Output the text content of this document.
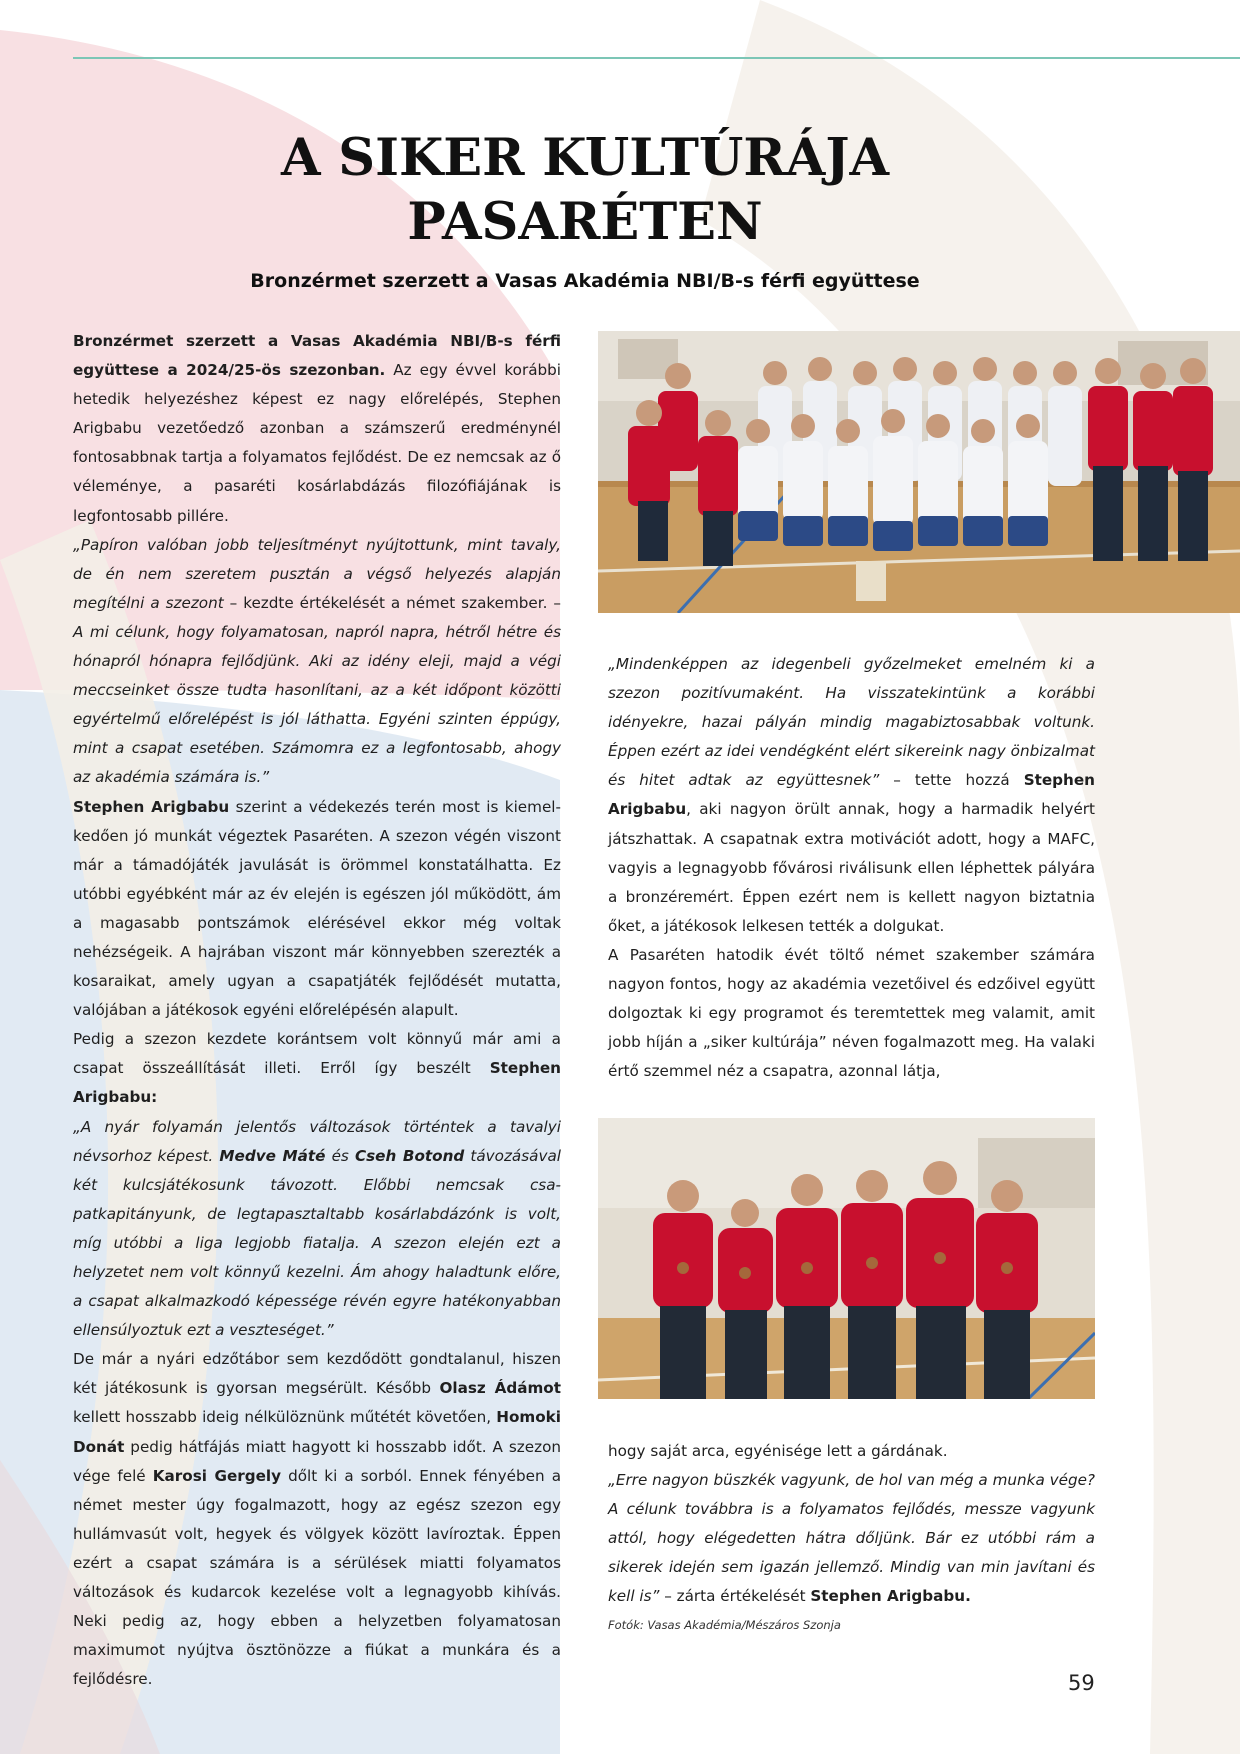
A SIKER KULTÚRÁJA
PASARÉTEN
Bronzérmet szerzett a Vasas Akadémia NBI/B-s férfi együttese

Bronzérmet szerzett a Vasas Akadémia NBI/B-s férfi együttese a 2024/25-ös szezonban. Az egy évvel korábbi hetedik helyezéshez képest ez nagy előrelépés, Stephen Arigbabu vezetőedző azonban a számszerű eredménynél fontosabbnak tartja a folyamatos fejlődést. De ez nemcsak az ő véleménye, a pasaréti kosárlabdázás filozófiájának is legfontosabb pillére.

„Papíron valóban jobb teljesítményt nyújtottunk, mint tavaly, de én nem szeretem pusztán a végső helyezés alapján megítélni a szezont – kezdte értékelését a német szakember. – A mi célunk, hogy folyamatosan, napról napra, hétről hétre és hónapról hónapra fejlődjünk. Aki az idény eleji, majd a végi meccseinket össze tudta hasonlítani, az a két időpont közötti egyértelmű előrelépést is jól láthatta. Egyéni szinten éppúgy, mint a csapat esetében. Számomra ez a legfontosabb, ahogy az akadémia számára is.”

Stephen Arigbabu szerint a védekezés terén most is kiemelkedően jó munkát végeztek Pasaréten. A szezon végén viszont már a támadójáték javulását is örömmel konstatálhatta. Ez utóbbi egyébként már az év elején is egészen jól működött, ám a magasabb pontszámok elérésével ekkor még voltak nehézségeik. A hajrában viszont már könnyebben szerezték a kosaraikat, amely ugyan a csapatjáték fejlődését mutatta, valójában a játékosok egyéni előrelépésén alapult.

Pedig a szezon kezdete korántsem volt könnyű már ami a csapat összeállítását illeti. Erről így beszélt Stephen Arigbabu:

„A nyár folyamán jelentős változások történtek a tavalyi névsorhoz képest. Medve Máté és Cseh Botond távozásával két kulcsjátékosunk távozott. Előbbi nemcsak csapatkapitányunk, de legtapasztaltabb kosárlabdázónk is volt, míg utóbbi a liga legjobb fiatalja. A szezon elején ezt a helyzetet nem volt könnyű kezelni. Ám ahogy haladtunk előre, a csapat alkalmazkodó képessége révén egyre hatékonyabban ellensúlyoztuk ezt a veszteséget.”

De már a nyári edzőtábor sem kezdődött gondtalanul, hiszen két játékosunk is gyorsan megsérült. Később Olasz Ádámot kellett hosszabb ideig nélkülöznünk műtétét követően, Homoki Donát pedig hátfájás miatt hagyott ki hosszabb időt. A szezon vége felé Karosi Gergely dőlt ki a sorból. Ennek fényében a német mester úgy fogalmazott, hogy az egész szezon egy hullámvasút volt, hegyek és völgyek között lavíroztak. Éppen ezért a csapat számára is a sérülések miatti folyamatos változások és kudarcok kezelése volt a legnagyobb kihívás. Neki pedig az, hogy ebben a helyzetben folyamatosan maximumot nyújtva ösztönözze a fiúkat a munkára és a fejlődésre.

„Mindenképpen az idegenbeli győzelmeket emelném ki a szezon pozitívumaként. Ha visszatekintünk a korábbi idényekre, hazai pályán mindig magabiztosabbak voltunk. Éppen ezért az idei vendégként elért sikereink nagy önbizalmat és hitet adtak az együttesnek” – tette hozzá Stephen Arigbabu, aki nagyon örült annak, hogy a harmadik helyért játszhattak. A csapatnak extra motivációt adott, hogy a MAFC, vagyis a legnagyobb fővárosi riválisunk ellen léphettek pályára a bronzéremért. Éppen ezért nem is kellett nagyon biztatnia őket, a játékosok lelkesen tették a dolgukat.

A Pasaréten hatodik évét töltő német szakember számára nagyon fontos, hogy az akadémia vezetőivel és edzőivel együtt dolgoztak ki egy programot és teremtettek meg valamit, amit jobb híján a „siker kultúrája” néven fogalmazott meg. Ha valaki értő szemmel néz a csapatra, azonnal látja,

hogy saját arca, egyénisége lett a gárdának.

„Erre nagyon büszkék vagyunk, de hol van még a munka vége? A célunk továbbra is a folyamatos fejlődés, messze vagyunk attól, hogy elégedetten hátra dőljünk. Bár ez utóbbi rám a sikerek idején sem igazán jellemző. Mindig van min javítani és kell is” – zárta értékelését Stephen Arigbabu.

Fotók: Vasas Akadémia/Mészáros Szonja
59
